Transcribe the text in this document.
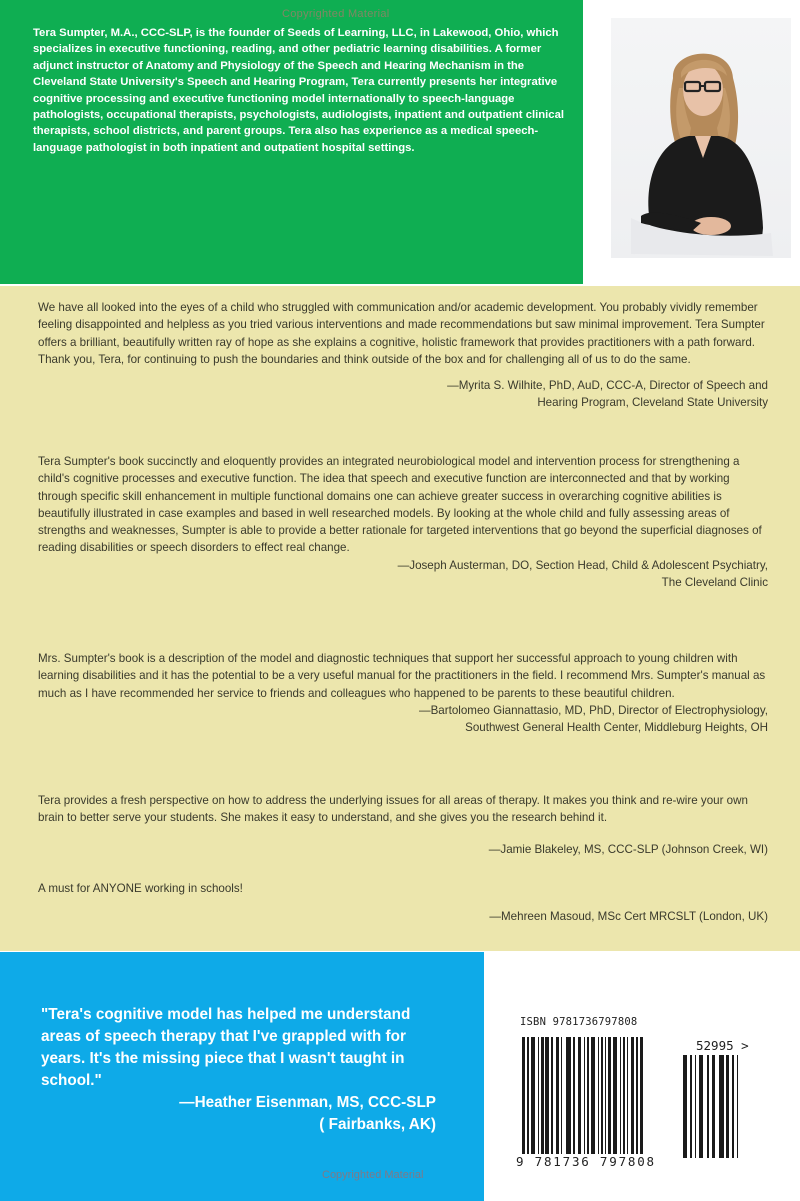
Copyrighted Material

Tera Sumpter, M.A., CCC-SLP, is the founder of Seeds of Learning, LLC, in Lakewood, Ohio, which specializes in executive functioning, reading, and other pediatric learning disabilities. A former adjunct instructor of Anatomy and Physiology of the Speech and Hearing Mechanism in the Cleveland State University's Speech and Hearing Program, Tera currently presents her integrative cognitive processing and executive functioning model internationally to speech-language pathologists, occupational therapists, psychologists, audiologists, inpatient and outpatient clinical therapists, school districts, and parent groups. Tera also has experience as a medical speech-language pathologist in both inpatient and outpatient hospital settings.

We have all looked into the eyes of a child who struggled with communication and/or academic development. You probably vividly remember feeling disappointed and helpless as you tried various interventions and made recommendations but saw minimal improvement. Tera Sumpter offers a brilliant, beautifully written ray of hope as she explains a cognitive, holistic framework that provides practitioners with a path forward. Thank you, Tera, for continuing to push the boundaries and think outside of the box and for challenging all of us to do the same.
—Myrita S. Wilhite, PhD, AuD, CCC-A, Director of Speech and
Hearing Program, Cleveland State University
Tera Sumpter's book succinctly and eloquently provides an integrated neurobiological model and intervention process for strengthening a child's cognitive processes and executive function. The idea that speech and executive function are interconnected and that by working through specific skill enhancement in multiple functional domains one can achieve greater success in overarching cognitive abilities is beautifully illustrated in case examples and based in well researched models. By looking at the whole child and fully assessing areas of strengths and weaknesses, Sumpter is able to provide a better rationale for targeted interventions that go beyond the superficial diagnoses of reading disabilities or speech disorders to effect real change.
—Joseph Austerman, DO, Section Head, Child & Adolescent Psychiatry,
The Cleveland Clinic
Mrs. Sumpter's book is a description of the model and diagnostic techniques that support her successful approach to young children with learning disabilities and it has the potential to be a very useful manual for the practitioners in the field. I recommend Mrs. Sumpter's manual as much as I have recommended her service to friends and colleagues who happened to be parents to these beautiful children.
—Bartolomeo Giannattasio, MD, PhD, Director of Electrophysiology,
Southwest General Health Center, Middleburg Heights, OH
Tera provides a fresh perspective on how to address the underlying issues for all areas of therapy. It makes you think and re-wire your own brain to better serve your students. She makes it easy to understand, and she gives you the research behind it.
—Jamie Blakeley, MS, CCC-SLP (Johnson Creek, WI)
A must for ANYONE working in schools!
—Mehreen Masoud, MSc Cert MRCSLT (London, UK)

"Tera's cognitive model has helped me understand areas of speech therapy that I've grappled with for years. It's the missing piece that I wasn't taught in school."

—Heather Eisenman, MS, CCC-SLP
( Fairbanks, AK)
Copyrighted Material
ISBN 9781736797808
52995 >
9 781736 797808
